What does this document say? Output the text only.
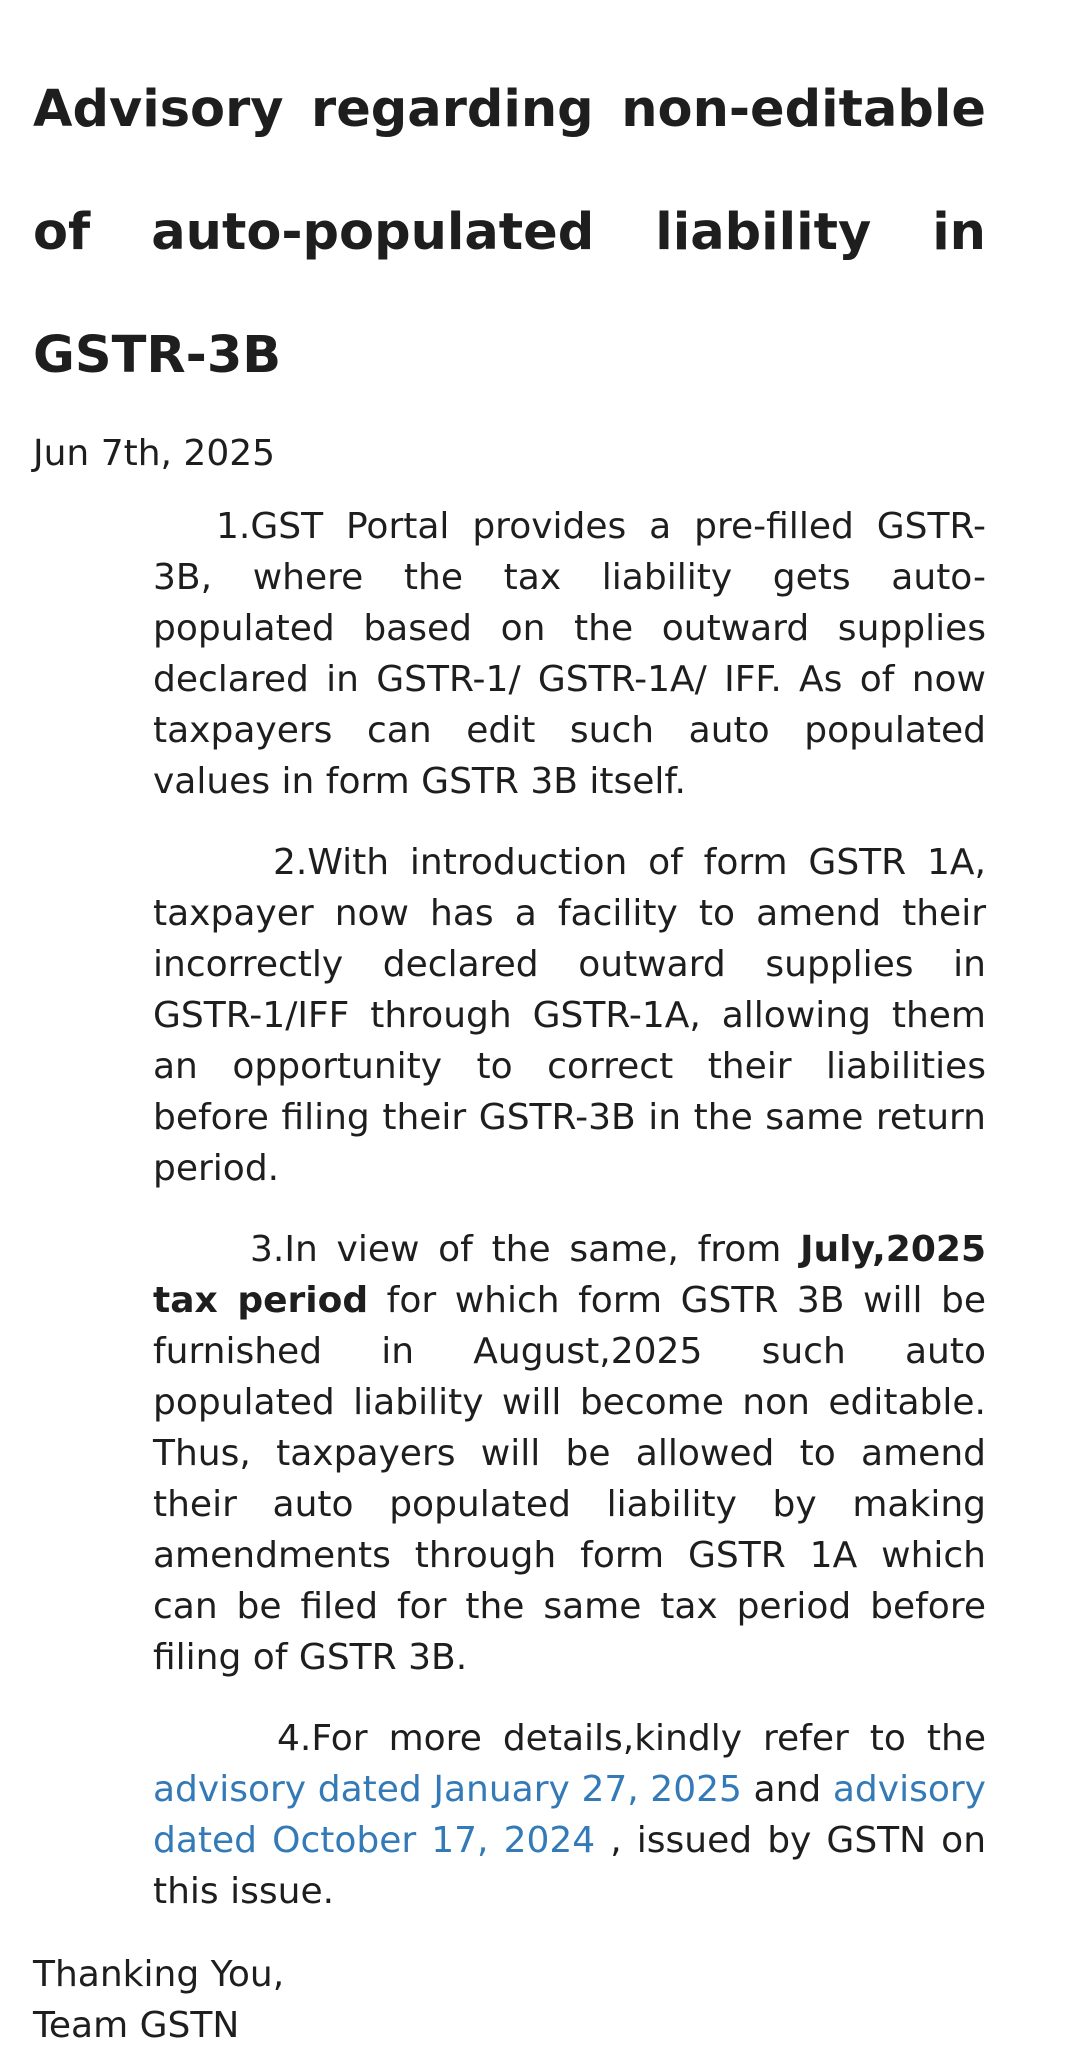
Advisory regarding non-editable of auto-populated liability in GSTR-3B
Jun 7th, 2025
1.GST Portal provides a pre-filled GSTR-3B, where the tax liability gets auto-populated based on the outward supplies declared in GSTR-1/ GSTR-1A/ IFF. As of now taxpayers can edit such auto populated values in form GSTR 3B itself.
2.With introduction of form GSTR 1A, taxpayer now has a facility to amend their incorrectly declared outward supplies in GSTR-1/IFF through GSTR-1A, allowing them an opportunity to correct their liabilities before filing their GSTR-3B in the same return period.
3.In view of the same, from July,2025 tax period for which form GSTR 3B will be furnished in August,2025 such auto populated liability will become non editable. Thus, taxpayers will be allowed to amend their auto populated liability by making amendments through form GSTR 1A which can be filed for the same tax period before filing of GSTR 3B.
4.For more details,kindly refer to the advisory dated January 27, 2025 and advisory dated October 17, 2024 , issued by GSTN on this issue.
Thanking You,
Team GSTN
